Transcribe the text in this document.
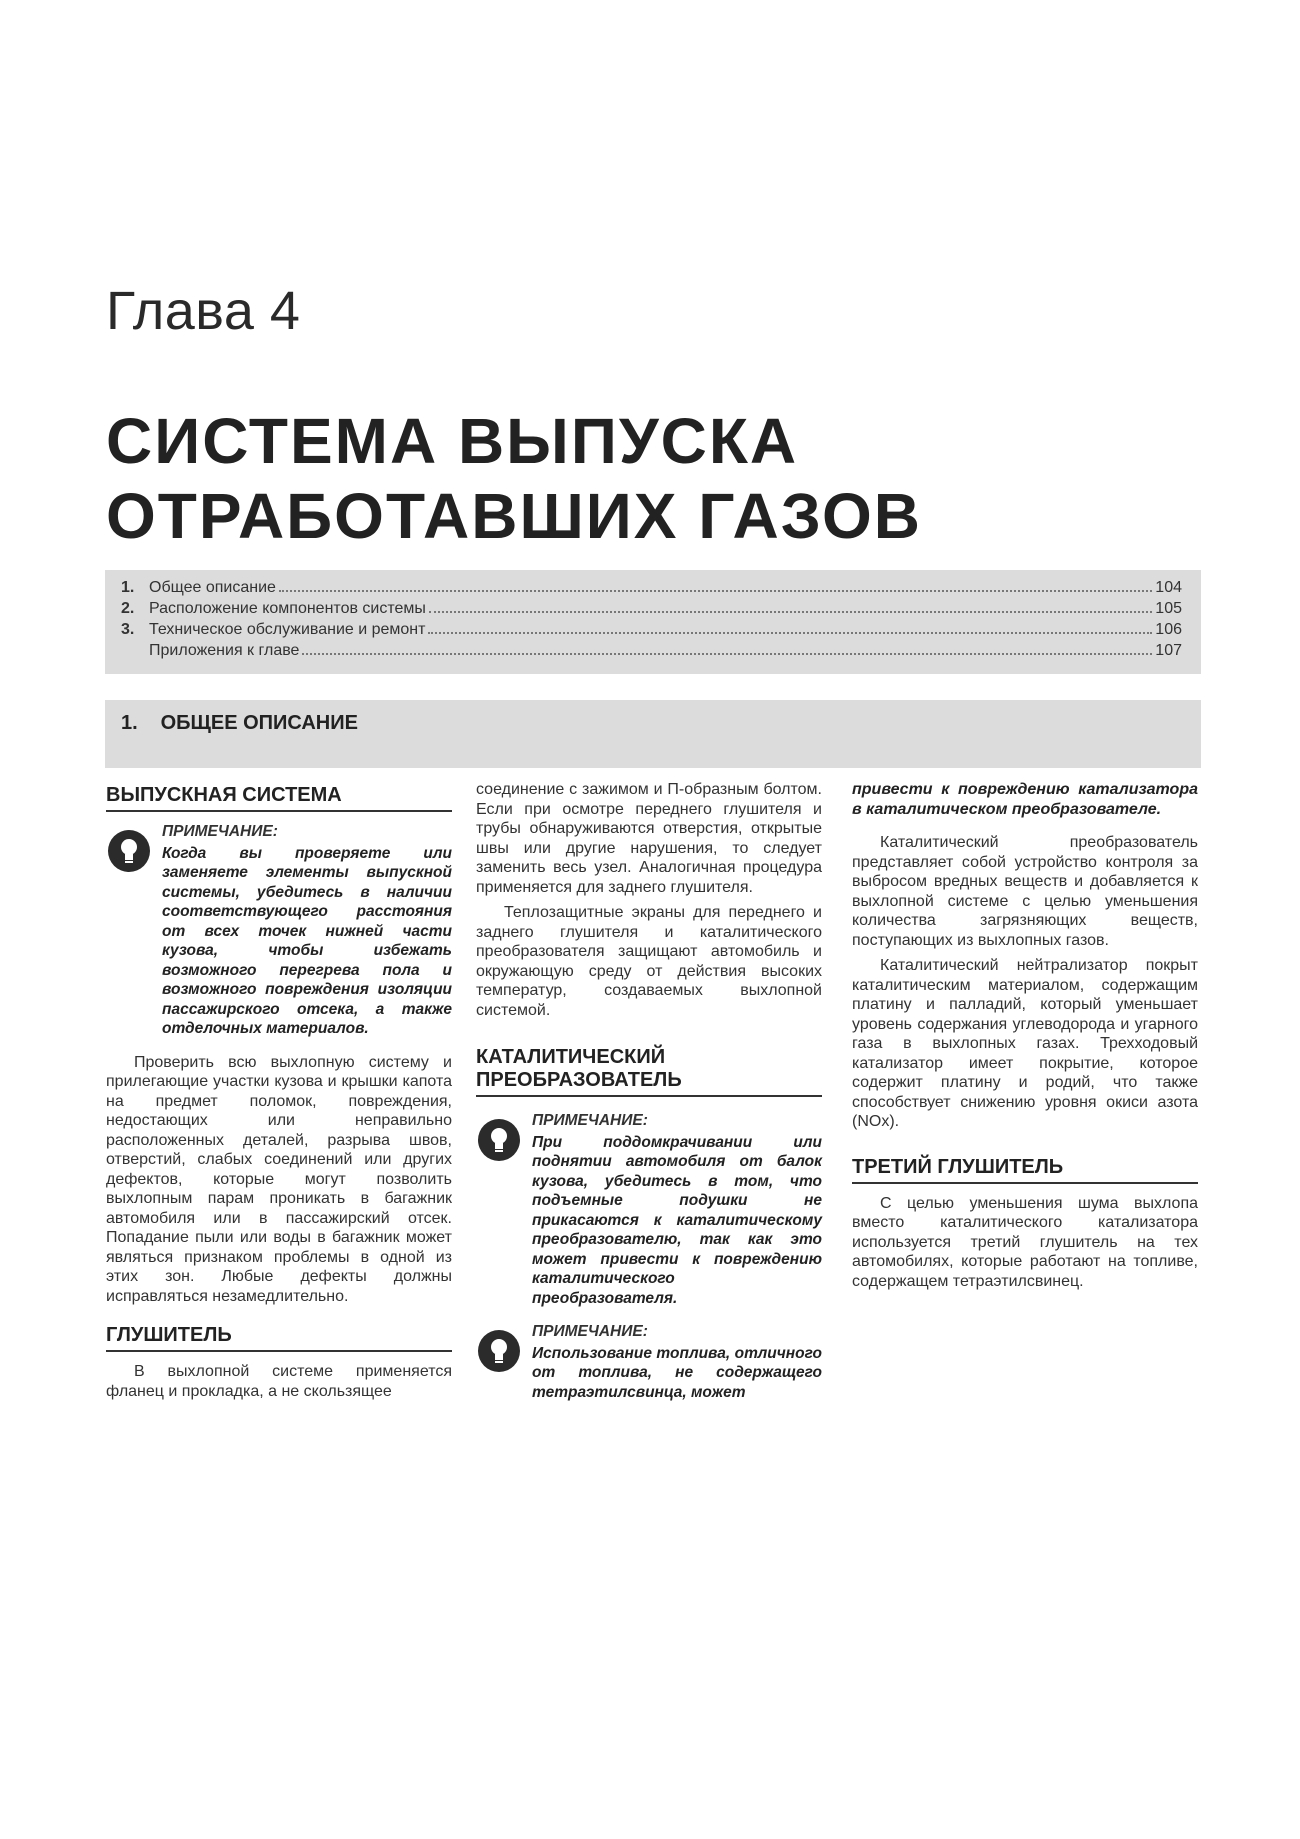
Глава 4
СИСТЕМА ВЫПУСКА
ОТРАБОТАВШИХ ГАЗОВ
1. Общее описание	104
2. Расположение компонентов системы	105
3. Техническое обслуживание и ремонт	106
Приложения к главе	107
1. ОБЩЕЕ ОПИСАНИЕ
ВЫПУСКНАЯ СИСТЕМА
ПРИМЕЧАНИЕ:
Когда вы проверяете или заменяете элементы выпускной системы, убедитесь в наличии соответствующего расстояния от всех точек нижней части кузова, чтобы избежать возможного перегрева пола и возможного повреждения изоляции пассажирского отсека, а также отделочных материалов.

Проверить всю выхлопную систему и прилегающие участки кузова и крышки капота на предмет поломок, повреждения, недостающих или неправильно расположенных деталей, разрыва швов, отверстий, слабых соединений или других дефектов, которые могут позволить выхлопным парам проникать в багажник автомобиля или в пассажирский отсек. Попадание пыли или воды в багажник может являться признаком проблемы в одной из этих зон. Любые дефекты должны исправляться незамедлительно.

ГЛУШИТЕЛЬ

В выхлопной системе применяется фланец и прокладка, а не скользящее

соединение с зажимом и П-образным болтом. Если при осмотре переднего глушителя и трубы обнаруживаются отверстия, открытые швы или другие нарушения, то следует заменить весь узел. Аналогичная процедура применяется для заднего глушителя.

Теплозащитные экраны для переднего и заднего глушителя и каталитического преобразователя защищают автомобиль и окружающую среду от действия высоких температур, создаваемых выхлопной системой.

КАТАЛИТИЧЕСКИЙ ПРЕОБРАЗОВАТЕЛЬ
ПРИМЕЧАНИЕ:
При поддомкрачивании или поднятии автомобиля от балок кузова, убедитесь в том, что подъемные подушки не прикасаются к каталитическому преобразователю, так как это может привести к повреждению каталитического преобразователя.
ПРИМЕЧАНИЕ:
Использование топлива, отличного от топлива, не содержащего тетраэтилсвинца, может
привести к повреждению катализатора в каталитическом преобразователе.

Каталитический преобразователь представляет собой устройство контроля за выбросом вредных веществ и добавляется к выхлопной системе с целью уменьшения количества загрязняющих веществ, поступающих из выхлопных газов.

Каталитический нейтрализатор покрыт каталитическим материалом, содержащим платину и палладий, который уменьшает уровень содержания углеводорода и угарного газа в выхлопных газах. Трехходовый катализатор имеет покрытие, которое содержит платину и родий, что также способствует снижению уровня окиси азота (NOx).

ТРЕТИЙ ГЛУШИТЕЛЬ

С целью уменьшения шума выхлопа вместо каталитического катализатора используется третий глушитель на тех автомобилях, которые работают на топливе, содержащем тетраэтилсвинец.
